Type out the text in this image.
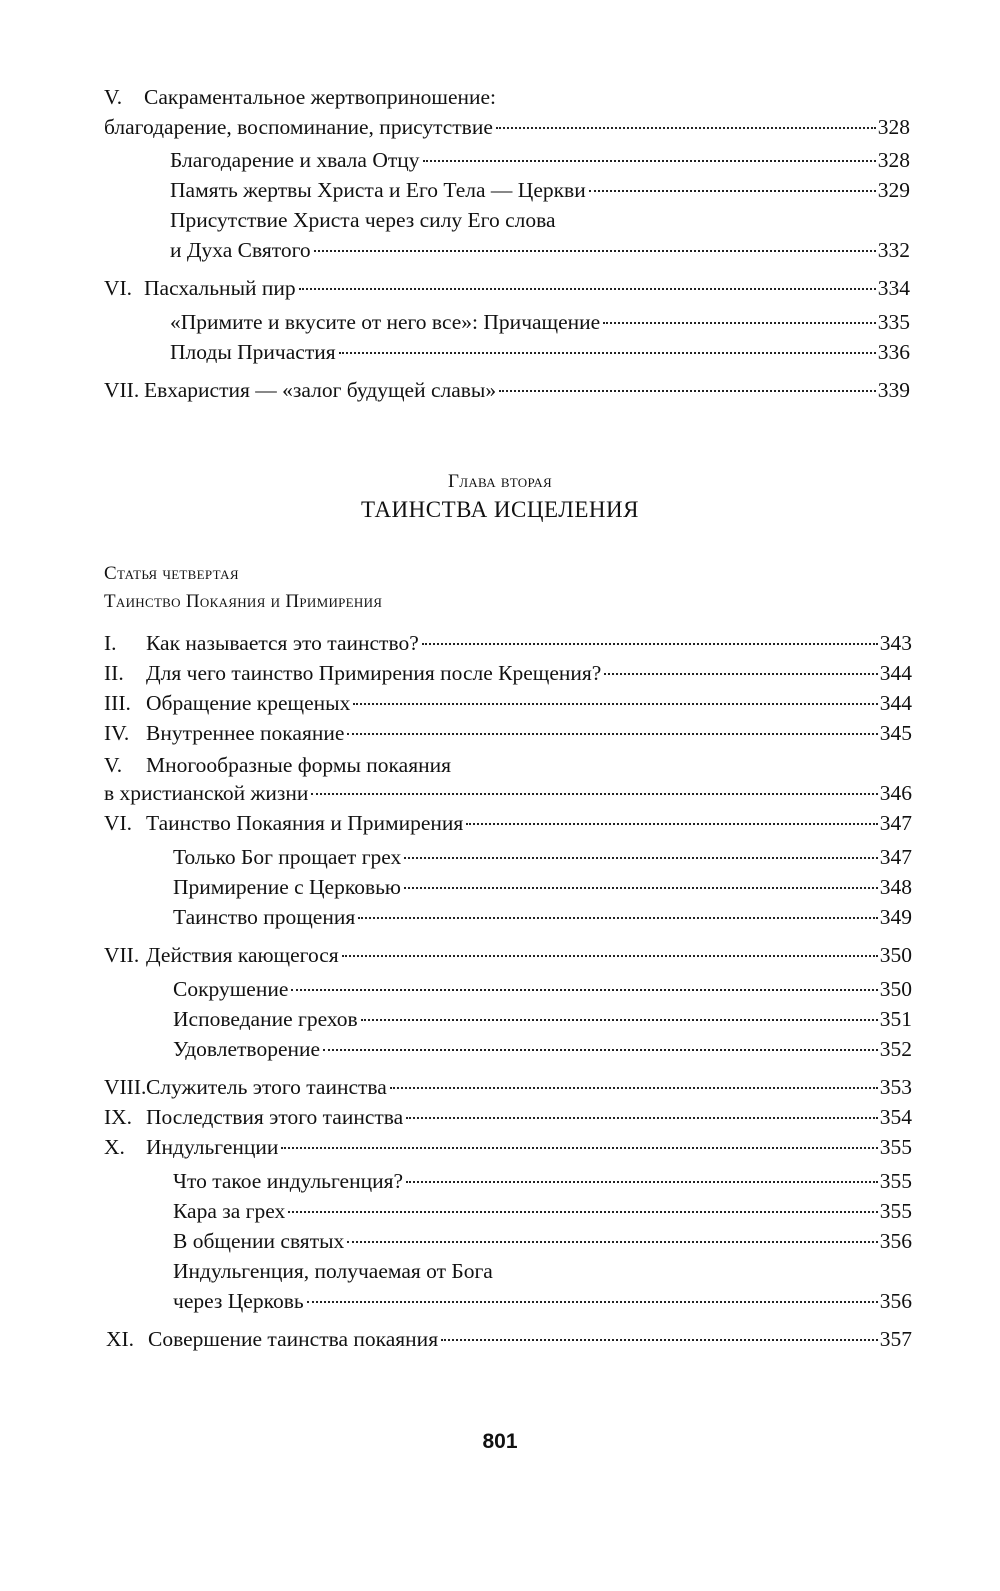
V.	Сакраментальное жертвоприношение:
благодарение, воспоминание, присутствие	328
Благодарение и хвала Отцу	328
Память жертвы Христа и Его Тела — Церкви	329
Присутствие Христа через силу Его слова
и Духа Святого	332
VI. Пасхальный пир	334
«Примите и вкусите от него все»: Причащение	335
Плоды Причастия	336
VII. Евхаристия — «залог будущей славы»	339
Глава вторая
ТАИНСТВА ИСЦЕЛЕНИЯ
Статья четвертая
Таинство Покаяния и Примирения
I.	Как называется это таинство?	343
II.	Для чего таинство Примирения после Крещения?	344
III. Обращение крещеных	344
IV. Внутреннее покаяние	345
V.	Многообразные формы покаяния
в христианской жизни	346
VI. Таинство Покаяния и Примирения	347
Только Бог прощает грех	347
Примирение с Церковью	348
Таинство прощения	349
VII. Действия кающегося	350
Сокрушение	350
Исповедание грехов	351
Удовлетворение	352
VIII. Служитель этого таинства	353
IX. Последствия этого таинства	354
X. Индульгенции	355
Что такое индульгенция?	355
Кара за грех	355
В общении святых	356
Индульгенция, получаемая от Бога
через Церковь	356
XI. Совершение таинства покаяния	357
801
